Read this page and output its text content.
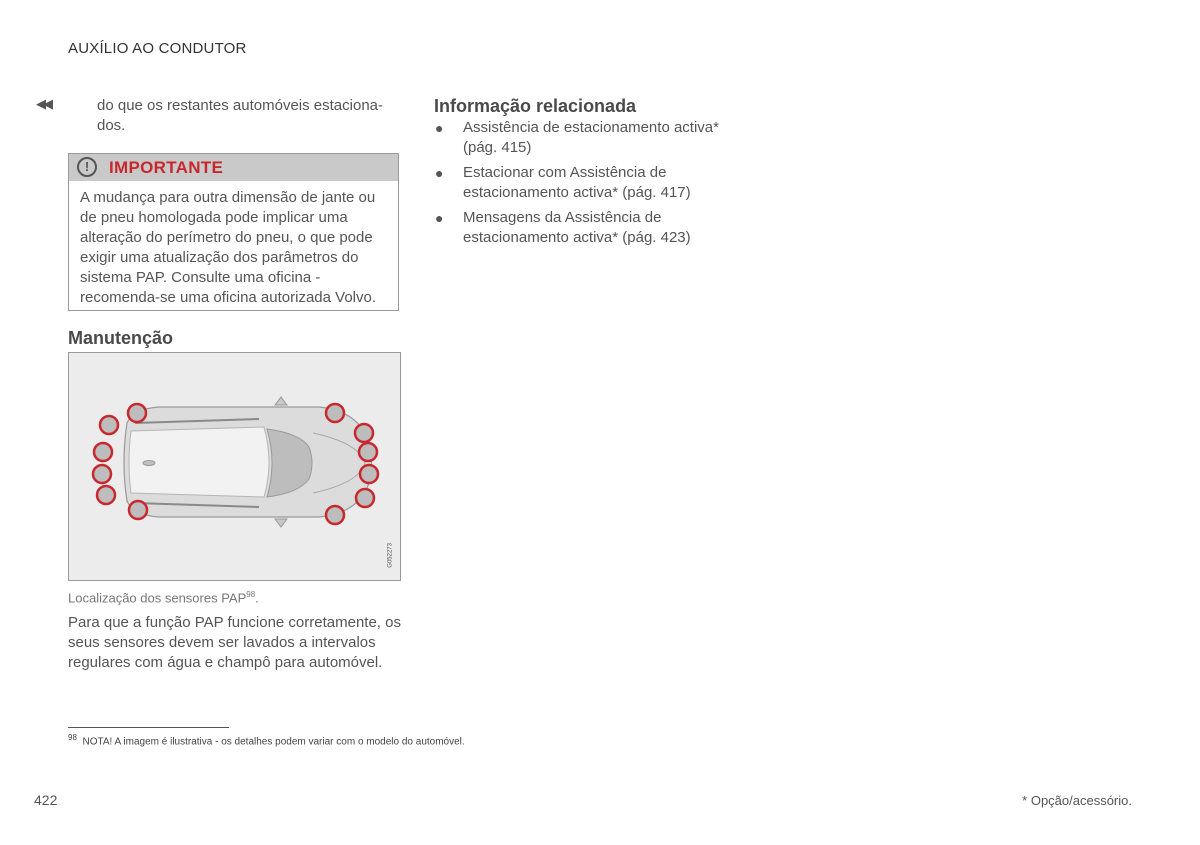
AUXÍLIO AO CONDUTOR
◀◀	do que os restantes automóveis estaciona-dos.
!	IMPORTANTE
A mudança para outra dimensão de jante ou de pneu homologada pode implicar uma alteração do perímetro do pneu, o que pode exigir uma atualização dos parâmetros do sistema PAP. Consulte uma oficina - recomenda-se uma oficina autorizada Volvo.
Manutenção
G052273
Localização dos sensores PAP$^{98}$.
Para que a função PAP funcione corretamente, os seus sensores devem ser lavados a intervalos regulares com água e champô para automóvel.
Informação relacionada
● Assistência de estacionamento activa* (pág. 415)
● Estacionar com Assistência de estacionamento activa* (pág. 417)
● Mensagens da Assistência de estacionamento activa* (pág. 423)
$^{98}$ NOTA! A imagem é ilustrativa - os detalhes podem variar com o modelo do automóvel.
422	* Opção/acessório.
